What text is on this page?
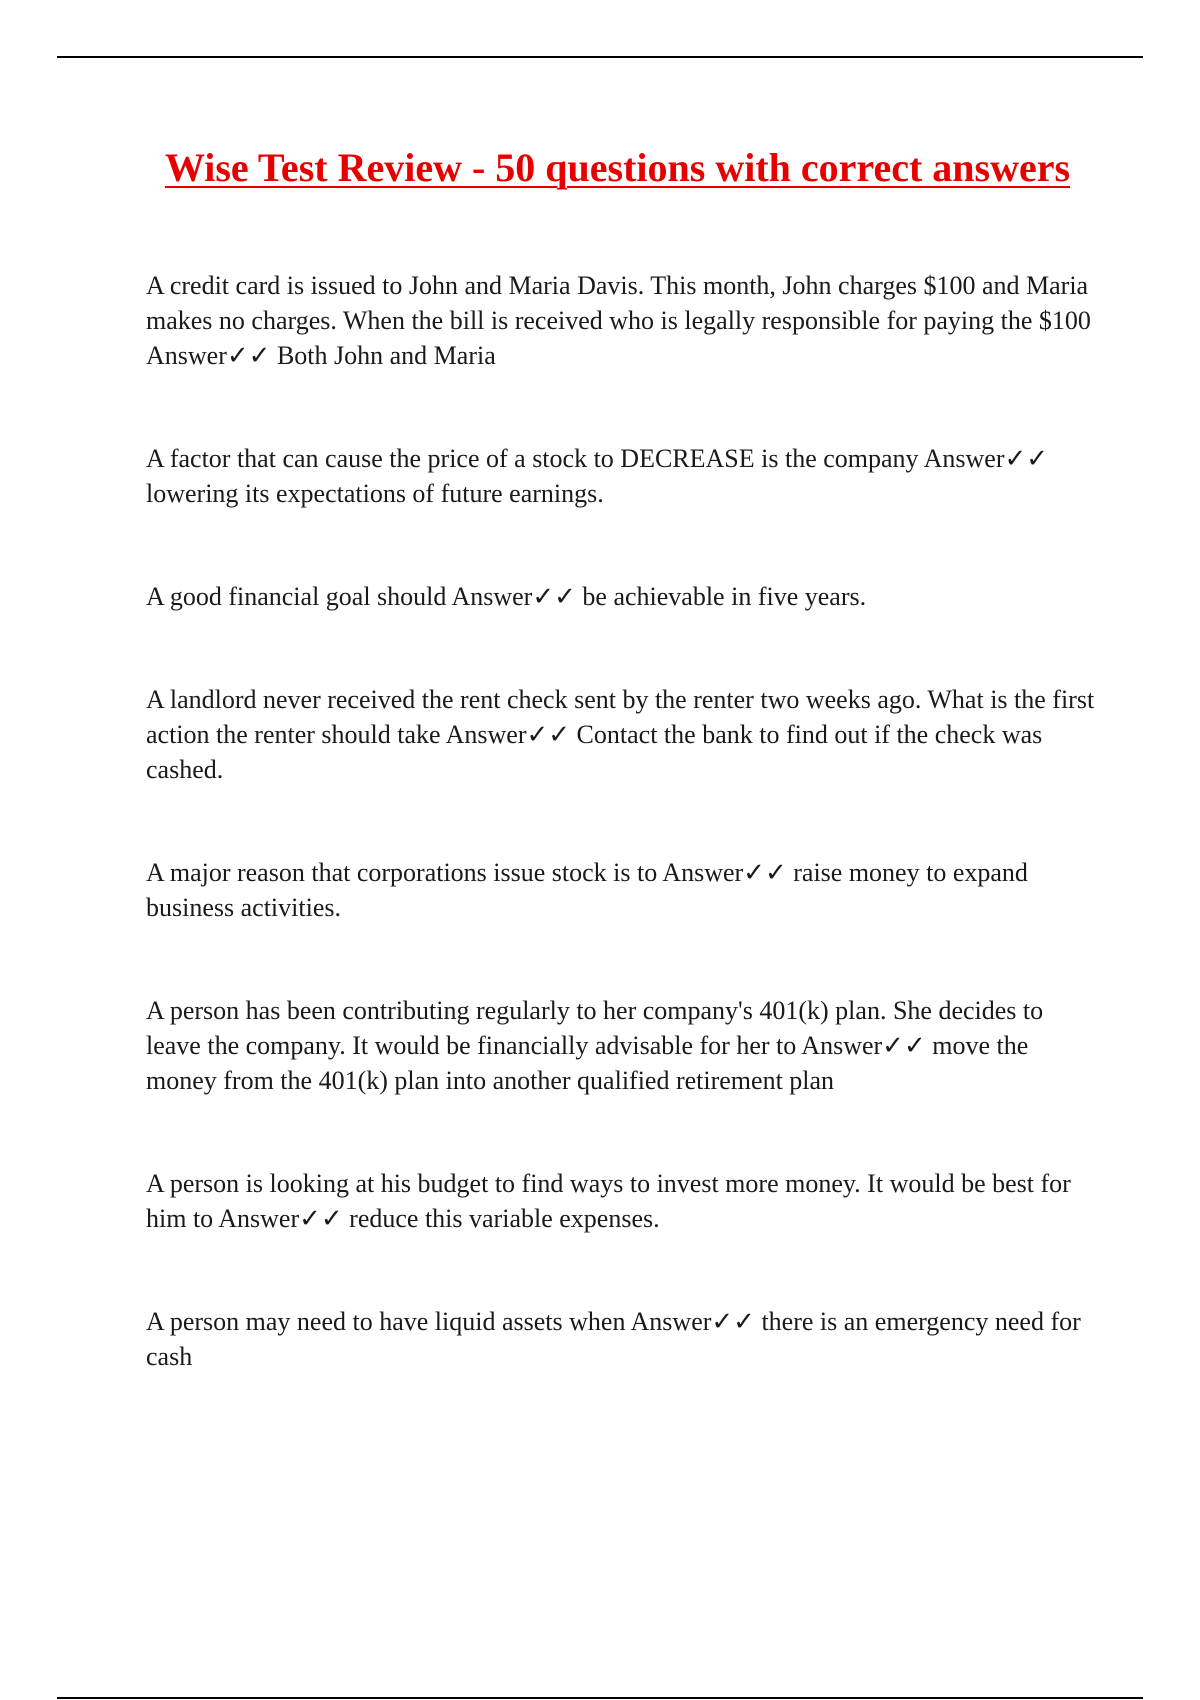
Wise Test Review - 50 questions with correct answers

A credit card is issued to John and Maria Davis. This month, John charges $100 and Maria makes no charges. When the bill is received who is legally responsible for paying the $100 Answer✓✓ Both John and Maria

A factor that can cause the price of a stock to DECREASE is the company Answer✓✓ lowering its expectations of future earnings.

A good financial goal should Answer✓✓ be achievable in five years.

A landlord never received the rent check sent by the renter two weeks ago. What is the first action the renter should take Answer✓✓ Contact the bank to find out if the check was cashed.

A major reason that corporations issue stock is to Answer✓✓ raise money to expand business activities.

A person has been contributing regularly to her company's 401(k) plan. She decides to leave the company. It would be financially advisable for her to Answer✓✓ move the money from the 401(k) plan into another qualified retirement plan

A person is looking at his budget to find ways to invest more money. It would be best for him to Answer✓✓ reduce this variable expenses.

A person may need to have liquid assets when Answer✓✓ there is an emergency need for cash
